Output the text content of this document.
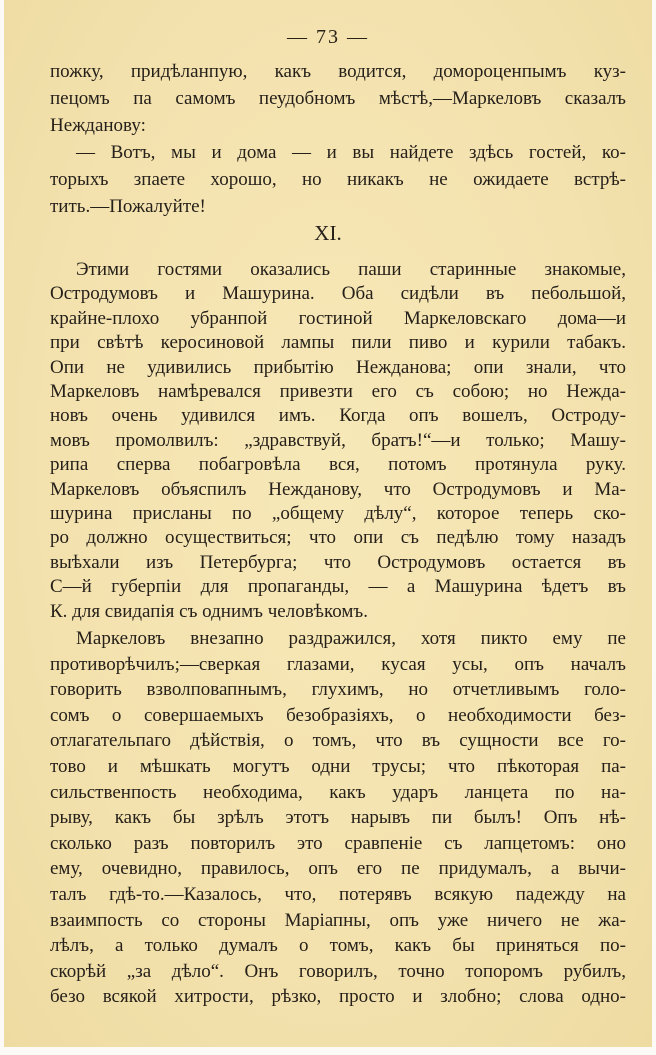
— 73 —
пожку, придѣланпую, какъ водится, домороценпымъ куз-
пецомъ па самомъ пеудобномъ мѣстѣ,—Маркеловъ сказалъ
Нежданову:
— Вотъ, мы и дома — и вы найдете здѣсь гостей, ко-
торыхъ зпаете хорошо, но никакъ не ожидаете встрѣ-
тить.—Пожалуйте!
XI.
Этими гостями оказались паши старинные знакомые,
Остродумовъ и Машурина. Оба сидѣли въ пебольшой,
крайне-плохо убранпой гостиной Маркеловскаго дома—и
при свѣтѣ керосиновой лампы пили пиво и курили табакъ.
Опи не удивились прибытію Нежданова; опи знали, что
Маркеловъ намѣревался привезти его съ собою; но Нежда-
новъ очень удивился имъ. Когда опъ вошелъ, Остроду-
мовъ промолвилъ: „здравствуй, братъ!“—и только; Машу-
рипа сперва побагровѣла вся, потомъ протянула руку.
Маркеловъ объяспилъ Нежданову, что Остродумовъ и Ма-
шурина присланы по „общему дѣлу“, которое теперь ско-
ро должно осуществиться; что опи съ педѣлю тому назадъ
выѣхали изъ Петербурга; что Остродумовъ остается въ
С—й губерпіи для пропаганды, — а Машурина ѣдетъ въ
К. для свидапія съ однимъ человѣкомъ.
Маркеловъ внезапно раздражился, хотя пикто ему пе
противорѣчилъ;—сверкая глазами, кусая усы, опъ началъ
говорить взволповапнымъ, глухимъ, но отчетливымъ голо-
сомъ о совершаемыхъ безобразіяхъ, о необходимости без-
отлагательпаго дѣйствія, о томъ, что въ сущности все го-
тово и мѣшкать могутъ одни трусы; что пѣкоторая па-
сильственпость необходима, какъ ударъ ланцета по на-
рыву, какъ бы зрѣлъ этотъ нарывъ пи былъ! Опъ нѣ-
сколько разъ повторилъ это сравпеніе съ лапцетомъ: оно
ему, очевидно, правилось, опъ его пе придумалъ, а вычи-
талъ гдѣ-то.—Казалось, что, потерявъ всякую падежду на
взаимпость со стороны Маріапны, опъ уже ничего не жа-
лѣлъ, а только думалъ о томъ, какъ бы приняться по-
скорѣй „за дѣло“. Онъ говорилъ, точно топоромъ рубилъ,
безо всякой хитрости, рѣзко, просто и злобно; слова одно-
